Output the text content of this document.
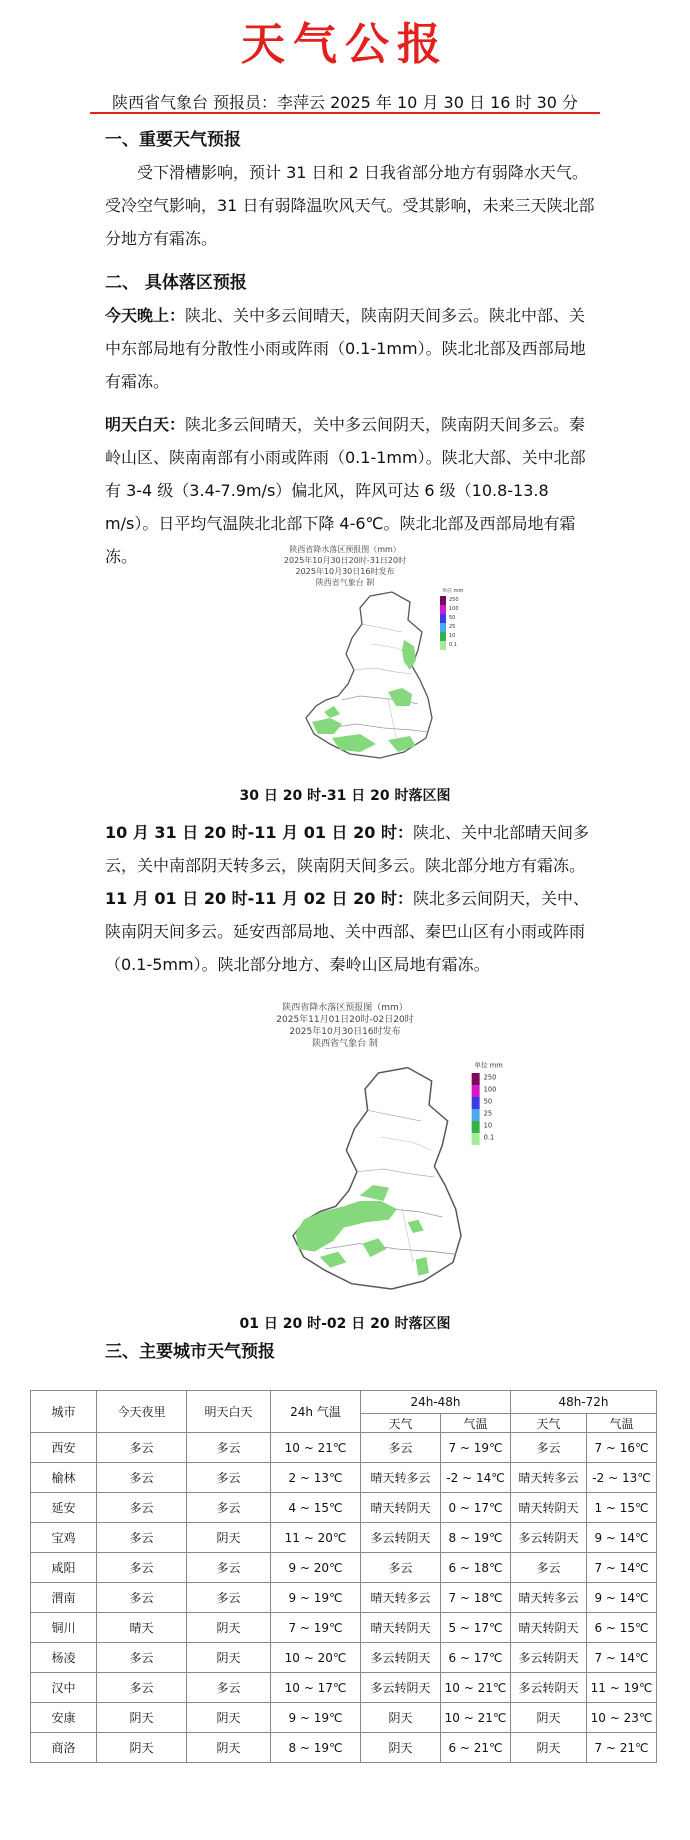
天气公报
陕西省气象台 预报员：李萍云 2025 年 10 月 30 日 16 时 30 分
一、重要天气预报

受下滑槽影响，预计 31 日和 2 日我省部分地方有弱降水天气。受冷空气影响，31 日有弱降温吹风天气。受其影响，未来三天陕北部分地方有霜冻。

二、 具体落区预报

今天晚上：陕北、关中多云间晴天，陕南阴天间多云。陕北中部、关中东部局地有分散性小雨或阵雨（0.1-1mm）。陕北北部及西部局地有霜冻。

明天白天：陕北多云间晴天，关中多云间阴天，陕南阴天间多云。秦岭山区、陕南南部有小雨或阵雨（0.1-1mm）。陕北大部、关中北部有 3-4 级（3.4-7.9m/s）偏北风，阵风可达 6 级（10.8-13.8 m/s）。日平均气温陕北北部下降 4-6℃。陕北北部及西部局地有霜冻。	陕西省降水落区预报图（mm）
2025年10月30日20时-31日20时
2025年10月30日16时发布
陕西省气象台 制
单位 mm
250
100
50
25
10
0.1
30 日 20 时-31 日 20 时落区图

10 月 31 日 20 时-11 月 01 日 20 时：陕北、关中北部晴天间多云，关中南部阴天转多云，陕南阴天间多云。陕北部分地方有霜冻。

11 月 01 日 20 时-11 月 02 日 20 时：陕北多云间阴天，关中、陕南阴天间多云。延安西部局地、关中西部、秦巴山区有小雨或阵雨（0.1-5mm）。陕北部分地方、秦岭山区局地有霜冻。

陕西省降水落区预报图（mm）
2025年11月01日20时-02日20时
2025年10月30日16时发布
陕西省气象台 制
单位 mm
250
100
50
25
10
0.1
01 日 20 时-02 日 20 时落区图
三、主要城市天气预报
城市	今天夜里	明天白天	24h 气温	24h-48h		48h-72h	
				天气	气温	天气	气温
西安	多云	多云	10 ~ 21℃	多云	7 ~ 19℃	多云	7 ~ 16℃
榆林	多云	多云	2 ~ 13℃	晴天转多云	-2 ~ 14℃	晴天转多云	-2 ~ 13℃
延安	多云	多云	4 ~ 15℃	晴天转阴天	0 ~ 17℃	晴天转阴天	1 ~ 15℃
宝鸡	多云	阴天	11 ~ 20℃	多云转阴天	8 ~ 19℃	多云转阴天	9 ~ 14℃
咸阳	多云	多云	9 ~ 20℃	多云	6 ~ 18℃	多云	7 ~ 14℃
渭南	多云	多云	9 ~ 19℃	晴天转多云	7 ~ 18℃	晴天转多云	9 ~ 14℃
铜川	晴天	阴天	7 ~ 19℃	晴天转阴天	5 ~ 17℃	晴天转阴天	6 ~ 15℃
杨凌	多云	阴天	10 ~ 20℃	多云转阴天	6 ~ 17℃	多云转阴天	7 ~ 14℃
汉中	多云	多云	10 ~ 17℃	多云转阴天	10 ~ 21℃	多云转阴天	11 ~ 19℃
安康	阴天	阴天	9 ~ 19℃	阴天	10 ~ 21℃	阴天	10 ~ 23℃
商洛	阴天	阴天	8 ~ 19℃	阴天	6 ~ 21℃	阴天	7 ~ 21℃
